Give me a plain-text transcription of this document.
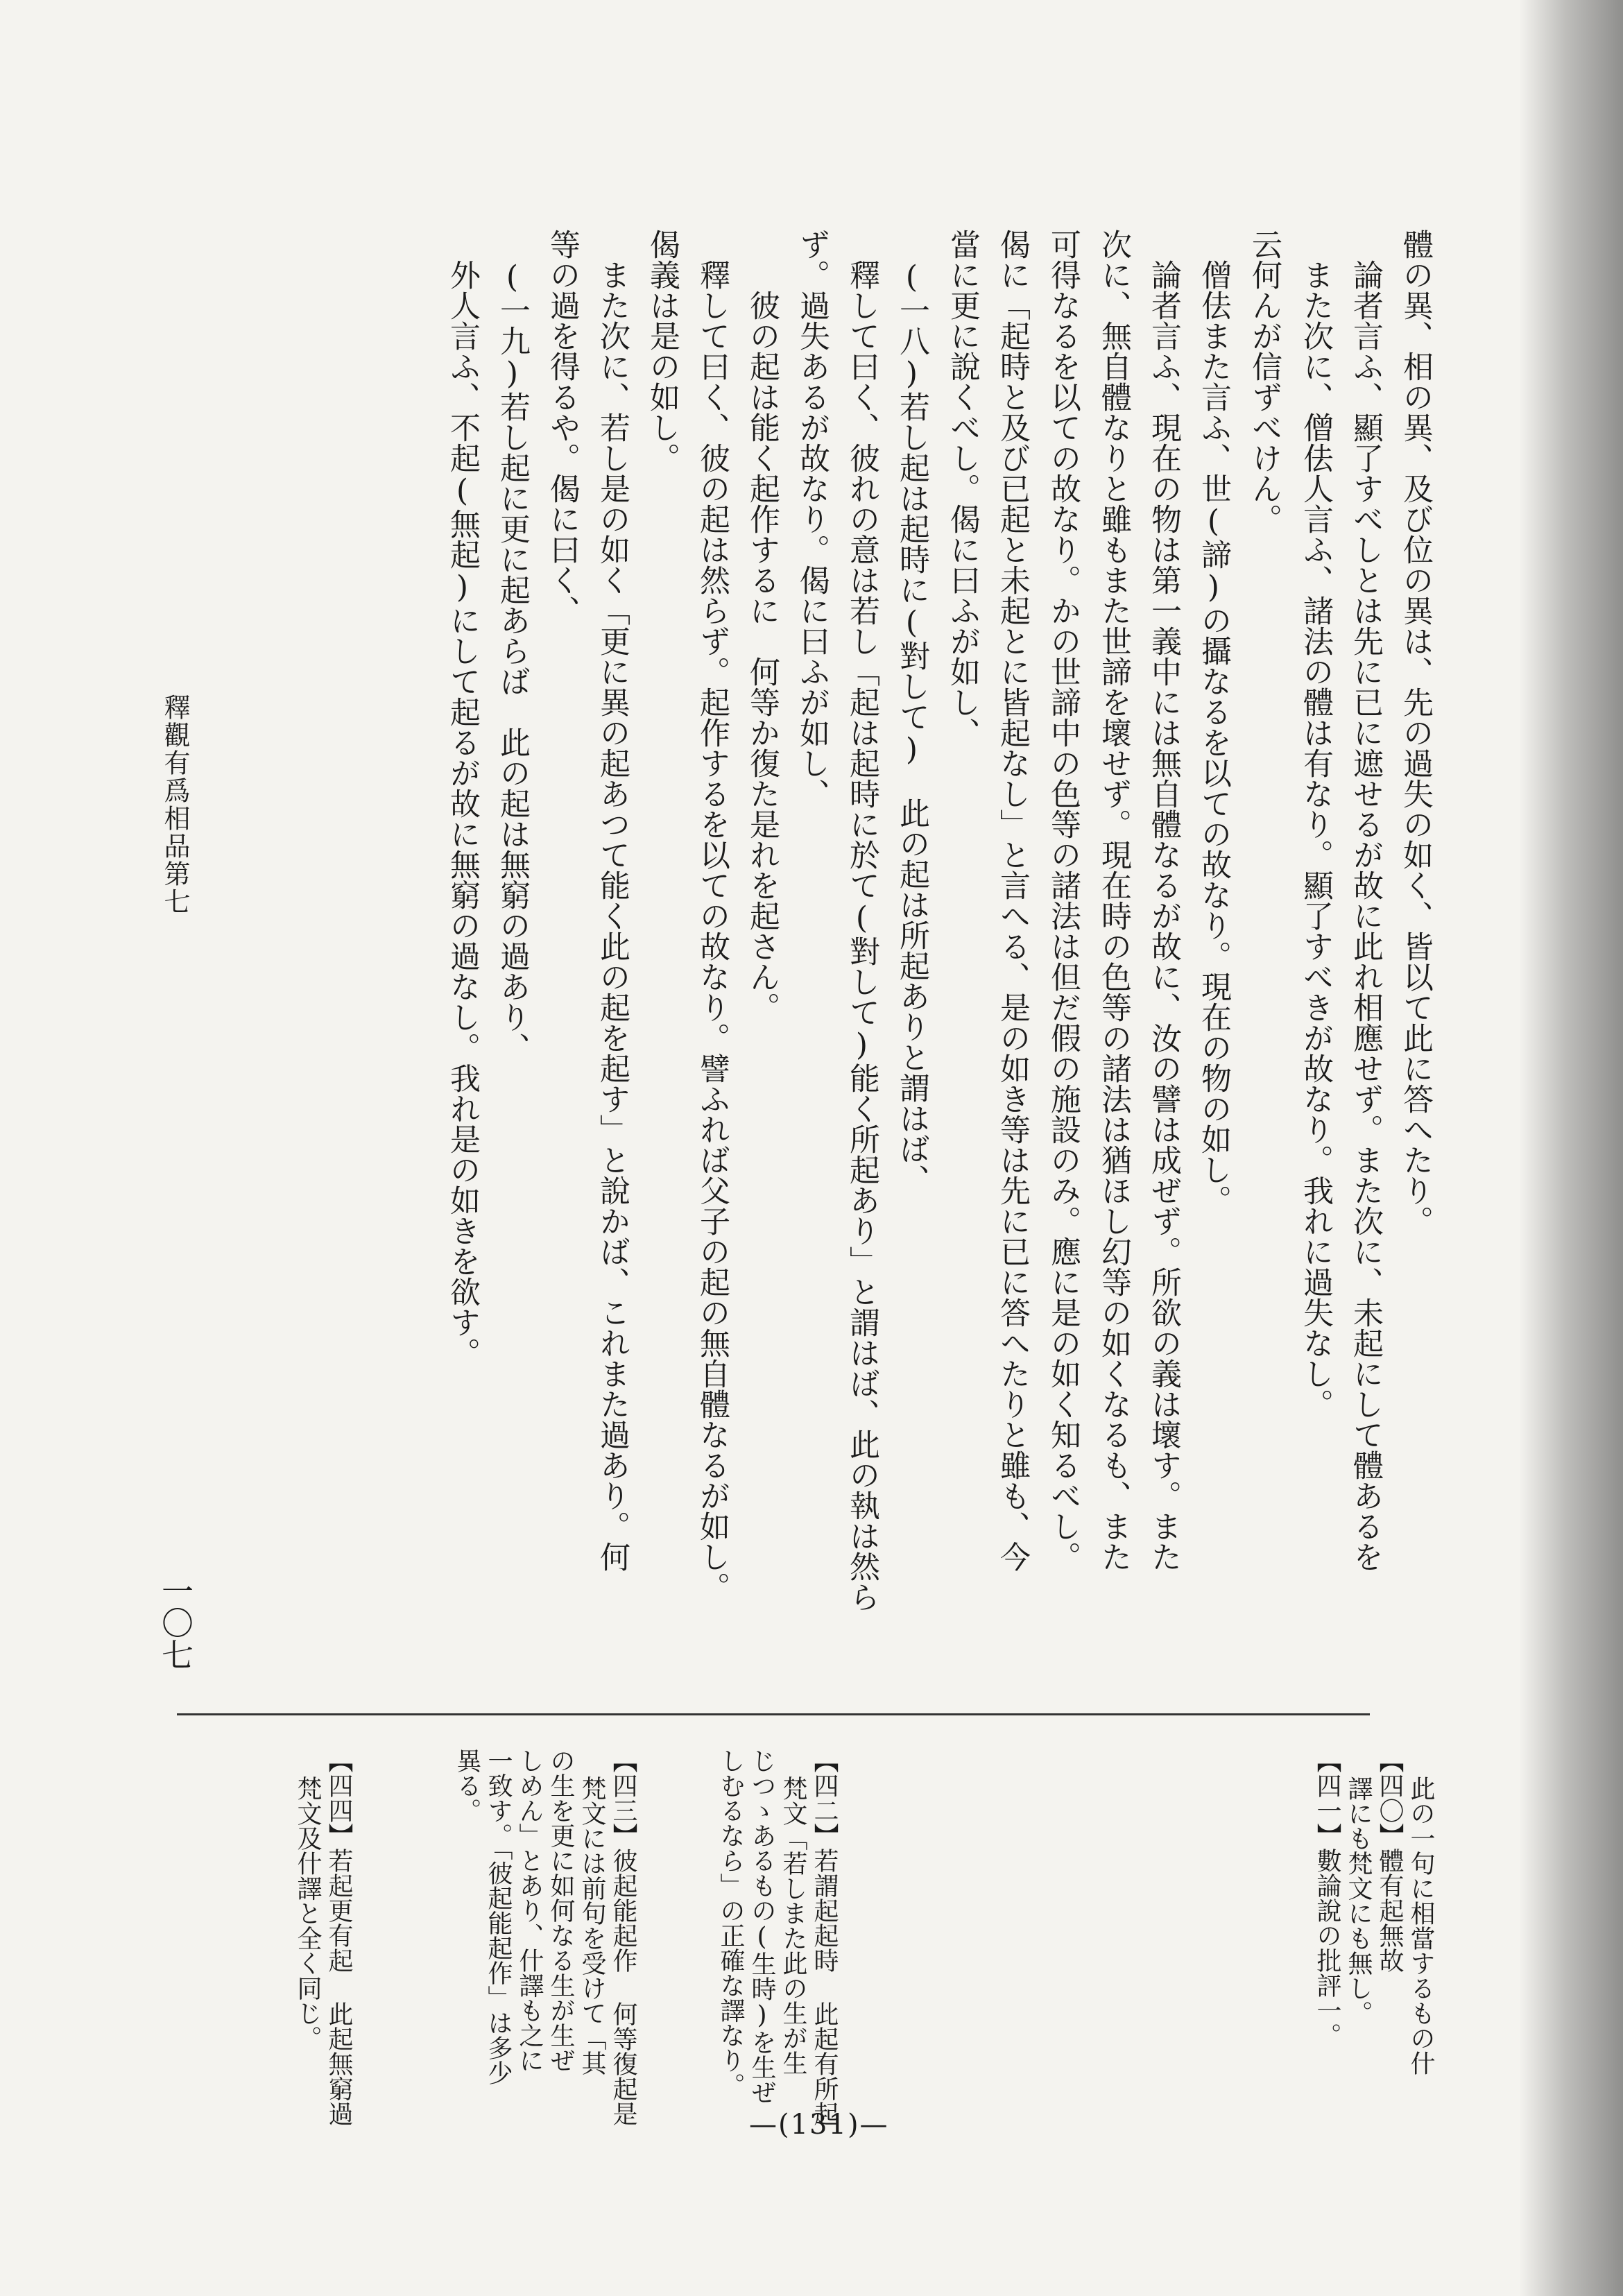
云何んが信ずべけん。 論者言ふ、顯了すべしとは先に已に遮せるが故に此れ相應せず。また次に、未起にして體あるを
また次に、僧佉人言ふ、諸法の體は有なり。顯了すべきが故なり。我れに過失なし。 體の異、相の異、及び位の異は、先の過失の如く、皆以て此に答へたり。
僧佉また言ふ、世(諦)の攝なるを以ての故なり。現在の物の如し。
論者言ふ、現在の物は第一義中には無自體なるが故に、汝の譬は成ぜず。所欲の義は壞す。また
次に、無自體なりと雖もまた世諦を壞せず。現在時の色等の諸法は猶ほし幻等の如くなるも、また
可得なるを以ての故なり。かの世諦中の色等の諸法は但だ假の施設のみ。應に是の如く知るべし。
偈に「起時と及び已起と未起とに皆起なし」と言へる、是の如き等は先に已に答へたりと雖も、今
當に更に說くべし。偈に曰ふが如し、
(一八)若し起は起時に(對して)　此の起は所起ありと謂はば、
釋して曰く、彼れの意は若し「起は起時に於て(對して)能く所起あり」と謂はば、此の執は然ら
ず。過失あるが故なり。偈に曰ふが如し、
彼の起は能く起作するに　何等か復た是れを起さん。
釋して曰く、彼の起は然らず。起作するを以ての故なり。譬ふれば父子の起の無自體なるが如し。
偈義は是の如し。
また次に、若し是の如く「更に異の起あつて能く此の起を起す」と說かば、これまた過あり。何
等の過を得るや。偈に曰く、
(一九)若し起に更に起あらば　此の起は無窮の過あり、
外人言ふ、不起(無起)にして起るが故に無窮の過なし。我れ是の如きを欲す。
釋觀有爲相品第七
一〇七
【四〇】體有起無故 此の一句に相當するもの什
譯にも梵文にも無し。
【四一】數論說の批評一。
【四二】若謂起起時 此起有所起
梵文「若しまた此の生が生
じつゝあるもの(生時)を生ぜ
しむるなら」の正確な譯なり。
【四三】彼起能起作 何等復起是
梵文には前句を受けて「其
の生を更に如何なる生が生ぜ
しめん」とあり、什譯も之に
一致す。「彼起能起作」は多少
異る。
【四四】若起更有起 此起無窮過
梵文及什譯と全く同じ。
—(131)—
